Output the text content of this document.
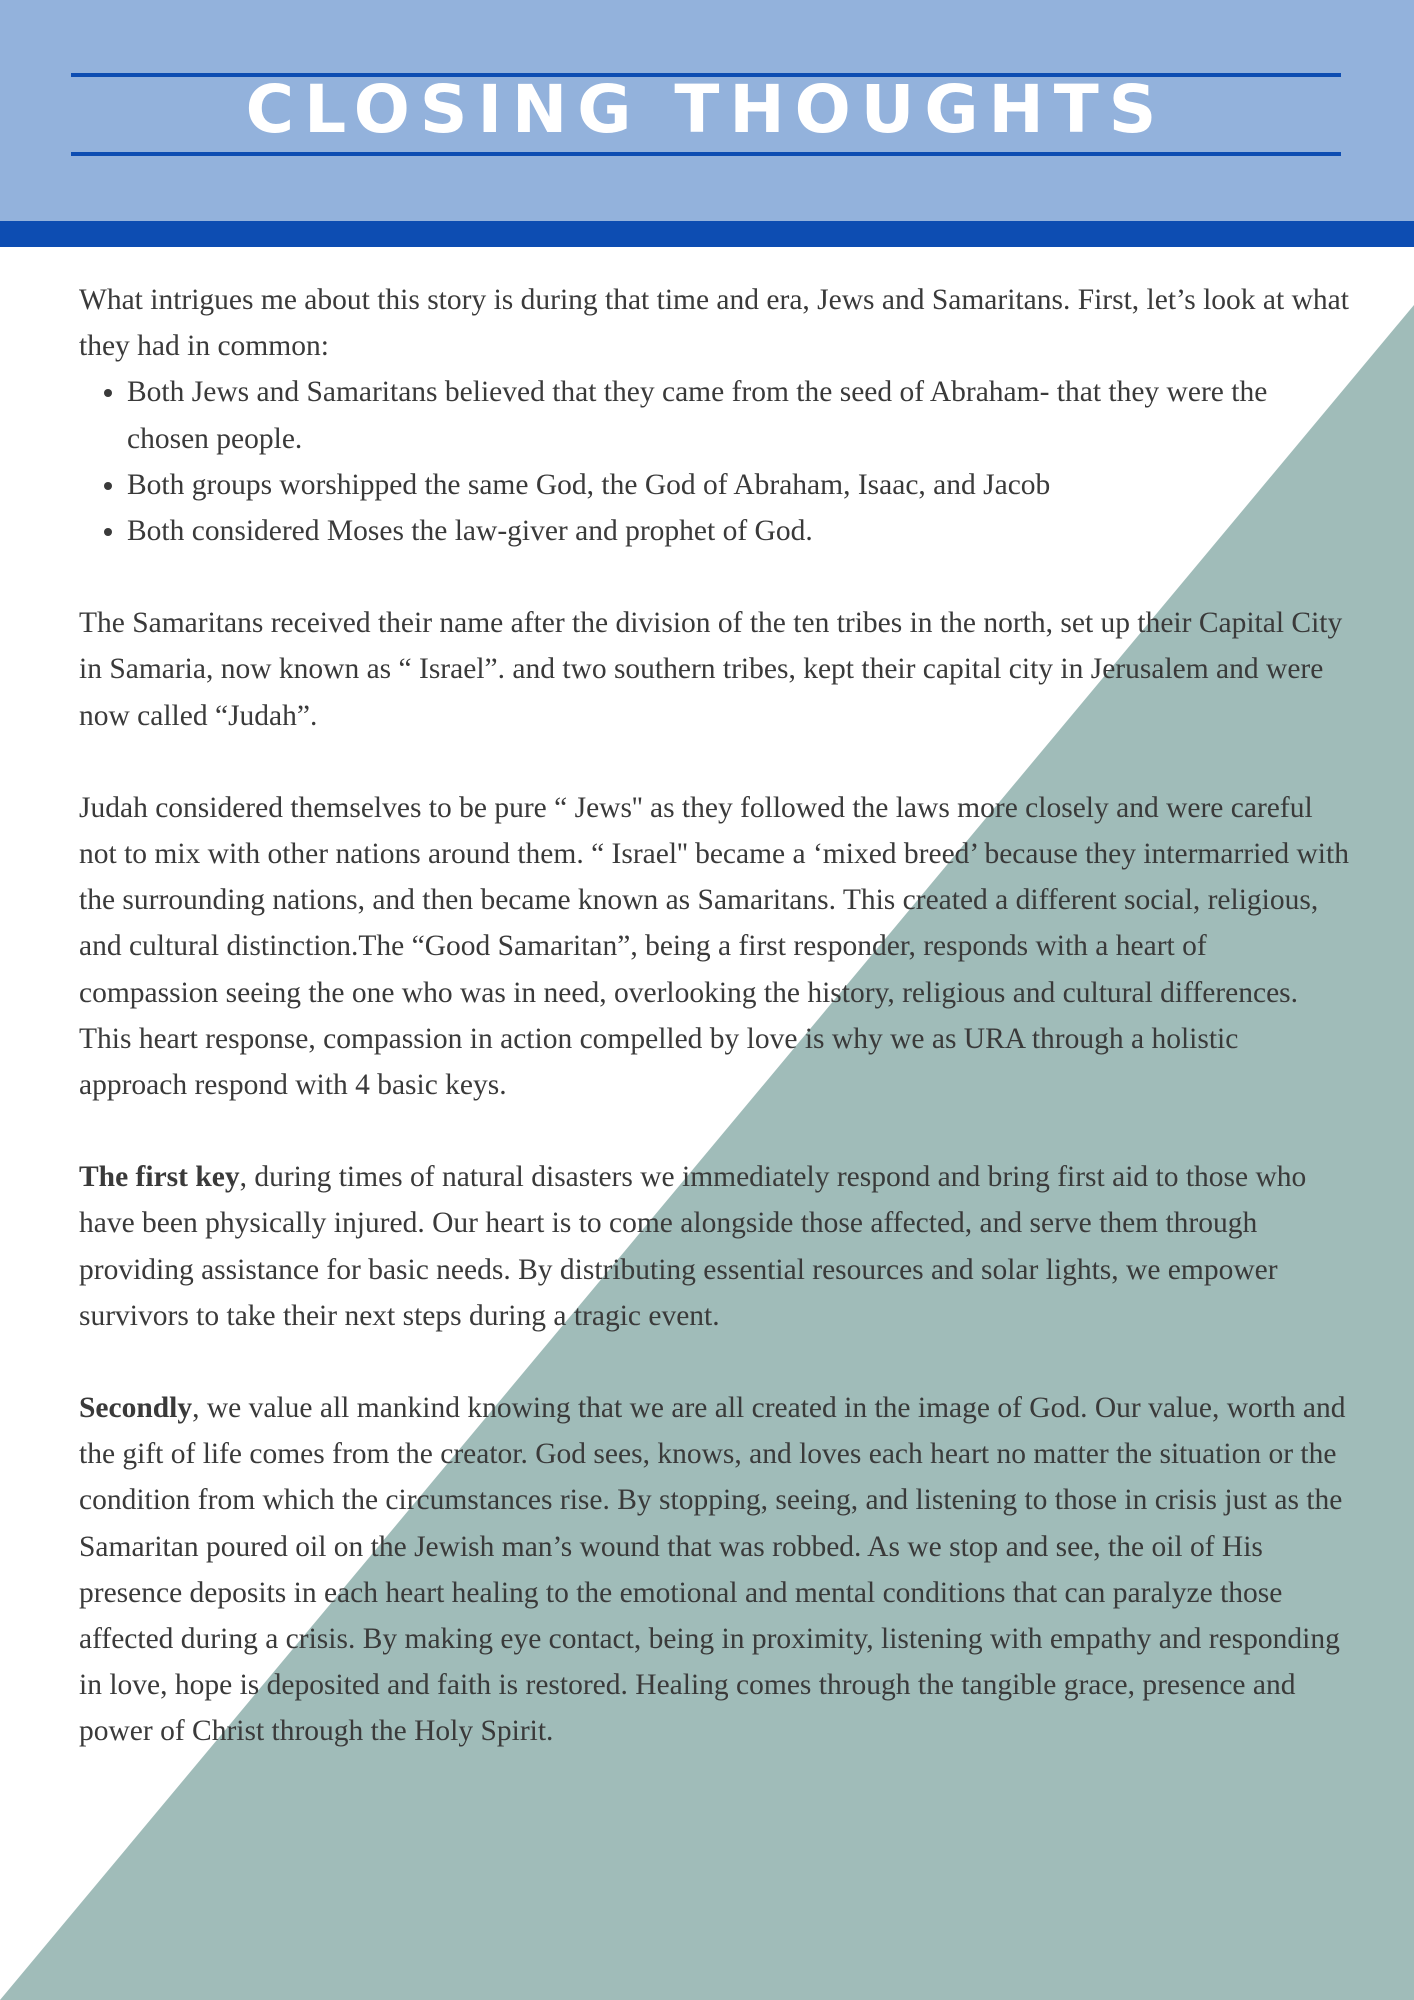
CLOSING THOUGHTS

What intrigues me about this story is during that time and era, Jews and Samaritans. First, let’s look at what they had in common:

• Both Jews and Samaritans believed that they came from the seed of Abraham- that they were the chosen people.
• Both groups worshipped the same God, the God of Abraham, Isaac, and Jacob
• Both considered Moses the law-giver and prophet of God.

The Samaritans received their name after the division of the ten tribes in the north, set up their Capital City in Samaria, now known as “ Israel”. and two southern tribes, kept their capital city in Jerusalem and were now called “Judah”.

Judah considered themselves to be pure “ Jews'' as they followed the laws more closely and were careful not to mix with other nations around them. “ Israel'' became a ‘mixed breed’ because they intermarried with the surrounding nations, and then became known as Samaritans. This created a different social, religious, and cultural distinction.The “Good Samaritan”, being a first responder, responds with a heart of compassion seeing the one who was in need, overlooking the history, religious and cultural differences. This heart response, compassion in action compelled by love is why we as URA through a holistic approach respond with 4 basic keys.

The first key, during times of natural disasters we immediately respond and bring first aid to those who have been physically injured. Our heart is to come alongside those affected, and serve them through providing assistance for basic needs. By distributing essential resources and solar lights, we empower survivors to take their next steps during a tragic event.

Secondly, we value all mankind knowing that we are all created in the image of God. Our value, worth and the gift of life comes from the creator. God sees, knows, and loves each heart no matter the situation or the condition from which the circumstances rise. By stopping, seeing, and listening to those in crisis just as the Samaritan poured oil on the Jewish man’s wound that was robbed. As we stop and see, the oil of His presence deposits in each heart healing to the emotional and mental conditions that can paralyze those affected during a crisis. By making eye contact, being in proximity, listening with empathy and responding in love, hope is deposited and faith is restored. Healing comes through the tangible grace, presence and power of Christ through the Holy Spirit.
